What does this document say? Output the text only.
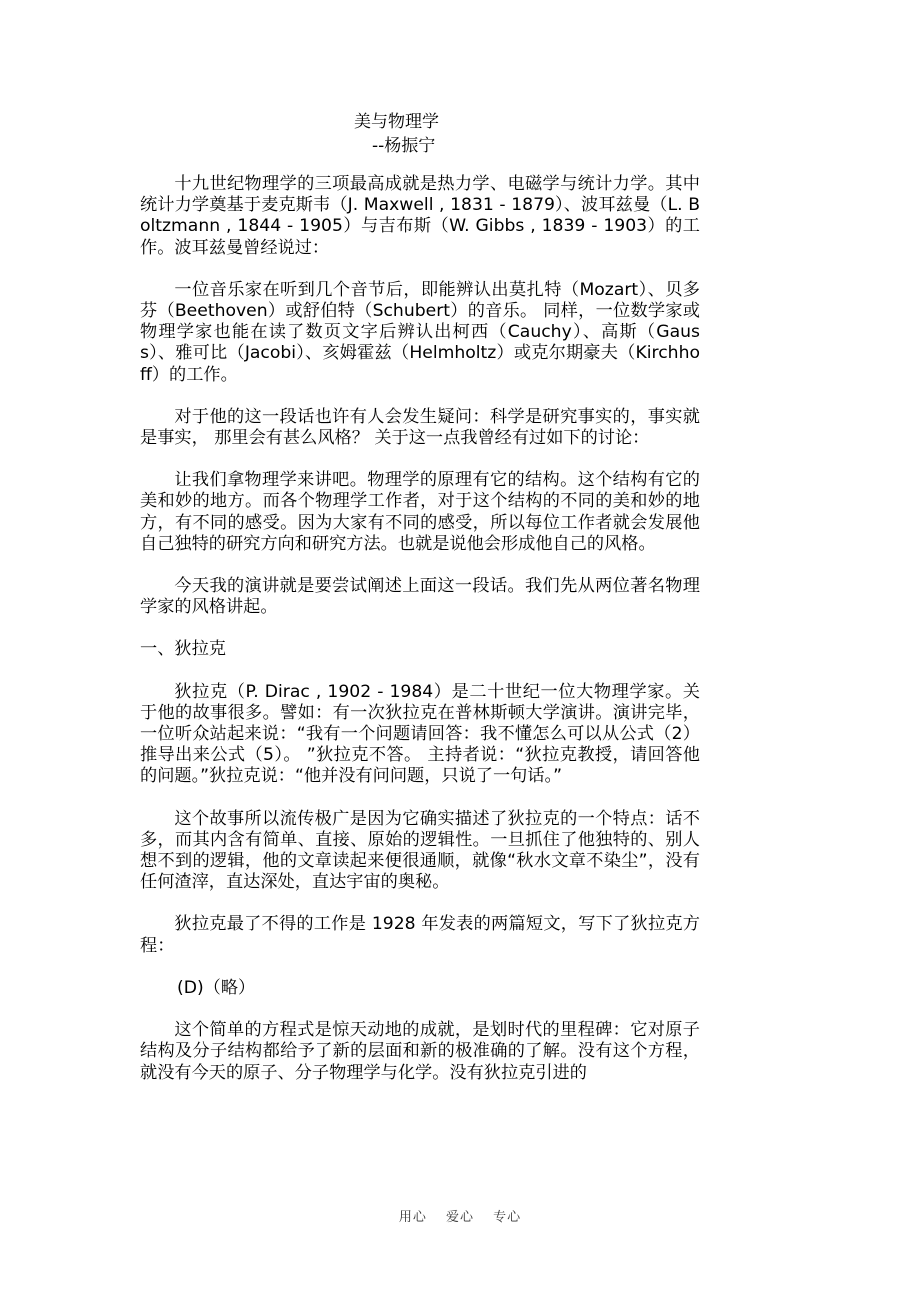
美与物理学
--杨振宁

十九世纪物理学的三项最高成就是热力学、电磁学与统计力学。其中统计力学奠基于麦克斯韦（J. Maxwell , 1831 - 1879）、波耳兹曼（L. Boltzmann , 1844 - 1905）与吉布斯（W. Gibbs , 1839 - 1903）的工作。波耳兹曼曾经说过：

一位音乐家在听到几个音节后，即能辨认出莫扎特（Mozart）、贝多芬（Beethoven）或舒伯特（Schubert）的音乐。 同样，一位数学家或物理学家也能在读了数页文字后辨认出柯西（Cauchy）、高斯（Gauss）、雅可比（Jacobi）、亥姆霍兹（Helmholtz）或克尔期豪夫（Kirchhoff）的工作。

对于他的这一段话也许有人会发生疑问：科学是研究事实的，事实就是事实， 那里会有甚么风格？ 关于这一点我曾经有过如下的讨论：

让我们拿物理学来讲吧。物理学的原理有它的结构。这个结构有它的美和妙的地方。而各个物理学工作者，对于这个结构的不同的美和妙的地方，有不同的感受。因为大家有不同的感受，所以每位工作者就会发展他自己独特的研究方向和研究方法。也就是说他会形成他自己的风格。

今天我的演讲就是要尝试阐述上面这一段话。我们先从两位著名物理学家的风格讲起。

一、狄拉克

狄拉克（P. Dirac , 1902 - 1984）是二十世纪一位大物理学家。关于他的故事很多。譬如：有一次狄拉克在普林斯顿大学演讲。演讲完毕，一位听众站起来说：“我有一个问题请回答：我不懂怎么可以从公式（2）推导出来公式（5）。 ”狄拉克不答。 主持者说：“狄拉克教授，请回答他的问题。”狄拉克说：“他并没有问问题，只说了一句话。”

这个故事所以流传极广是因为它确实描述了狄拉克的一个特点：话不多，而其内含有简单、直接、原始的逻辑性。一旦抓住了他独特的、别人想不到的逻辑，他的文章读起来便很通顺，就像“秋水文章不染尘”，没有任何渣滓，直达深处，直达宇宙的奥秘。

狄拉克最了不得的工作是 1928 年发表的两篇短文，写下了狄拉克方程：

(D)（略）

这个简单的方程式是惊天动地的成就，是划时代的里程碑：它对原子结构及分子结构都给予了新的层面和新的极准确的了解。没有这个方程，就没有今天的原子、分子物理学与化学。没有狄拉克引进的

用心 爱心 专心
